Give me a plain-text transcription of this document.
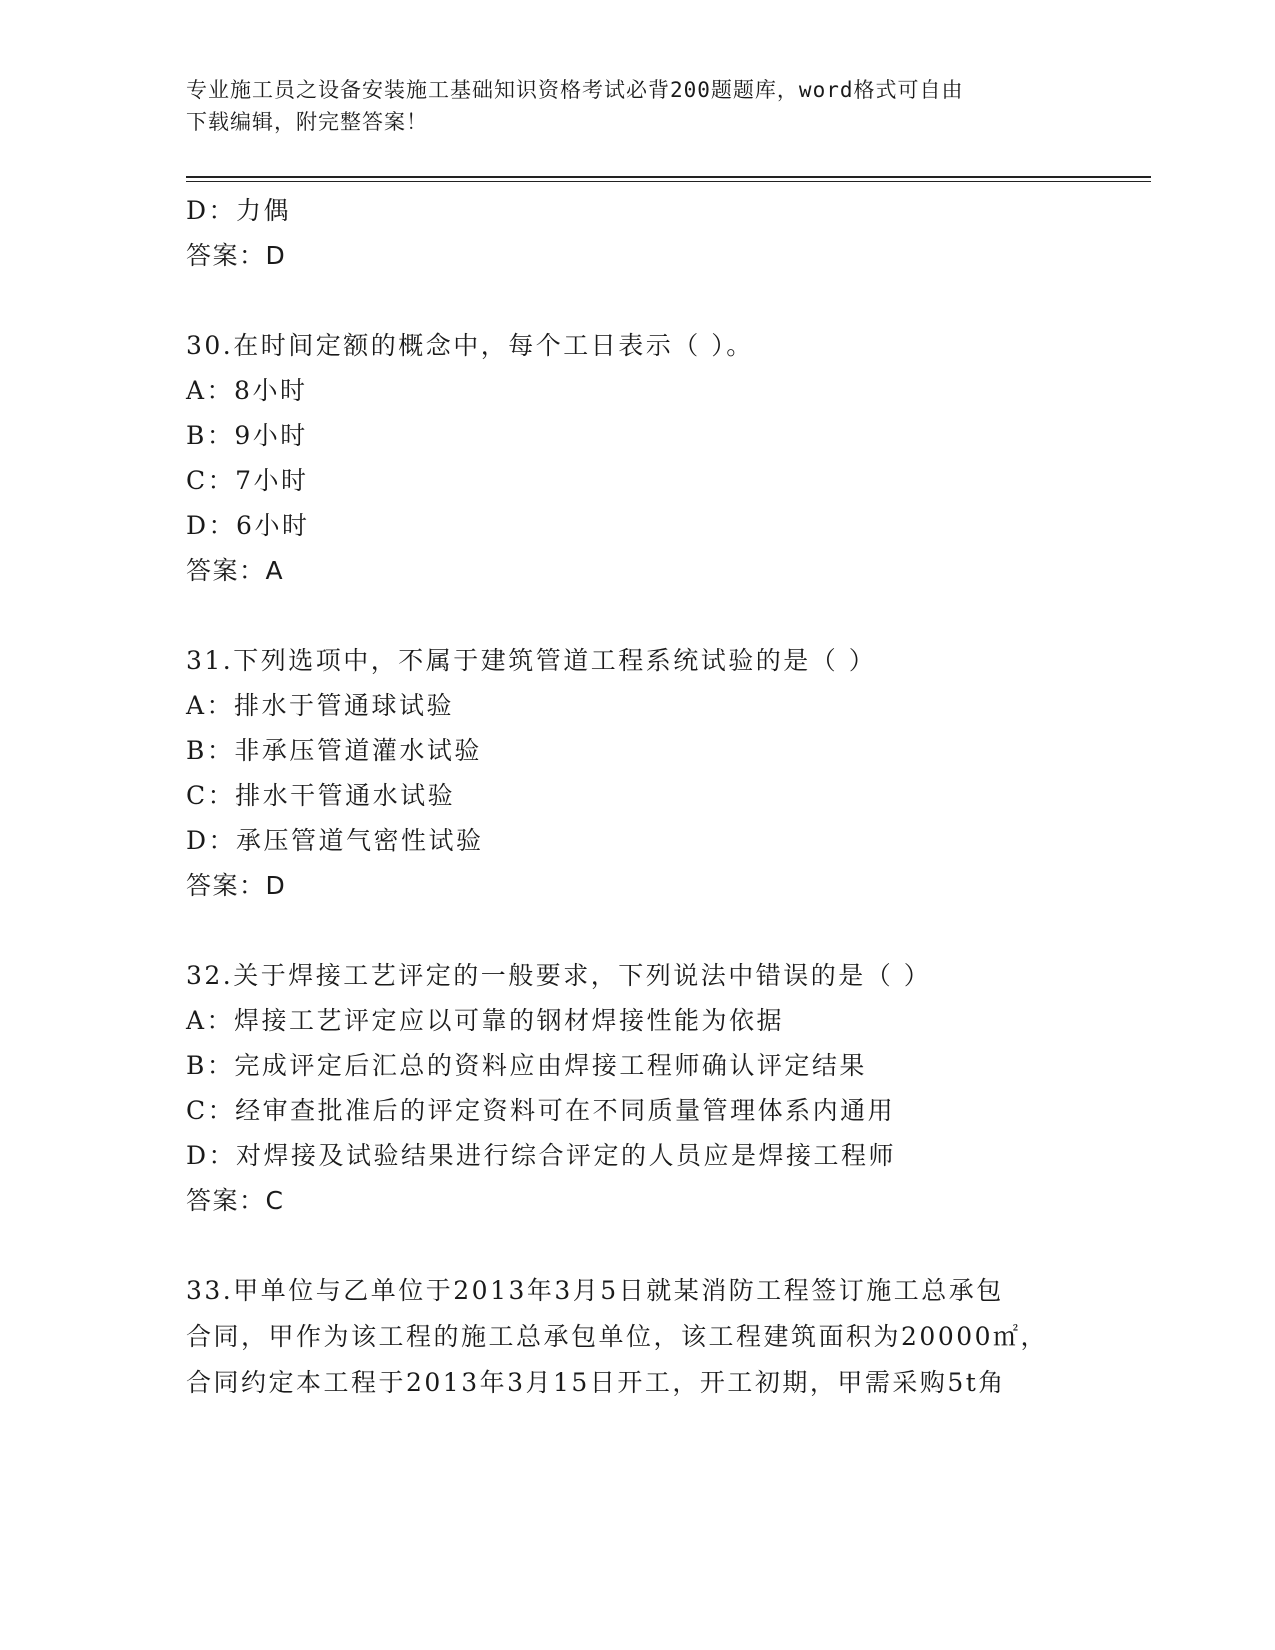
专业施工员之设备安装施工基础知识资格考试必背200题题库，word格式可自由
下载编辑，附完整答案！
D：力偶
答案：D
30.在时间定额的概念中，每个工日表示（ ）。
A：8小时
B：9小时
C：7小时
D：6小时
答案：A
31.下列选项中，不属于建筑管道工程系统试验的是（ ）
A：排水于管通球试验
B：非承压管道灌水试验
C：排水干管通水试验
D：承压管道气密性试验
答案：D
32.关于焊接工艺评定的一般要求，下列说法中错误的是（ ）
A：焊接工艺评定应以可靠的钢材焊接性能为依据
B：完成评定后汇总的资料应由焊接工程师确认评定结果
C：经审查批准后的评定资料可在不同质量管理体系内通用
D：对焊接及试验结果进行综合评定的人员应是焊接工程师
答案：C
33.甲单位与乙单位于2013年3月5日就某消防工程签订施工总承包
合同，甲作为该工程的施工总承包单位，该工程建筑面积为20000㎡，
合同约定本工程于2013年3月15日开工，开工初期，甲需采购5t角
